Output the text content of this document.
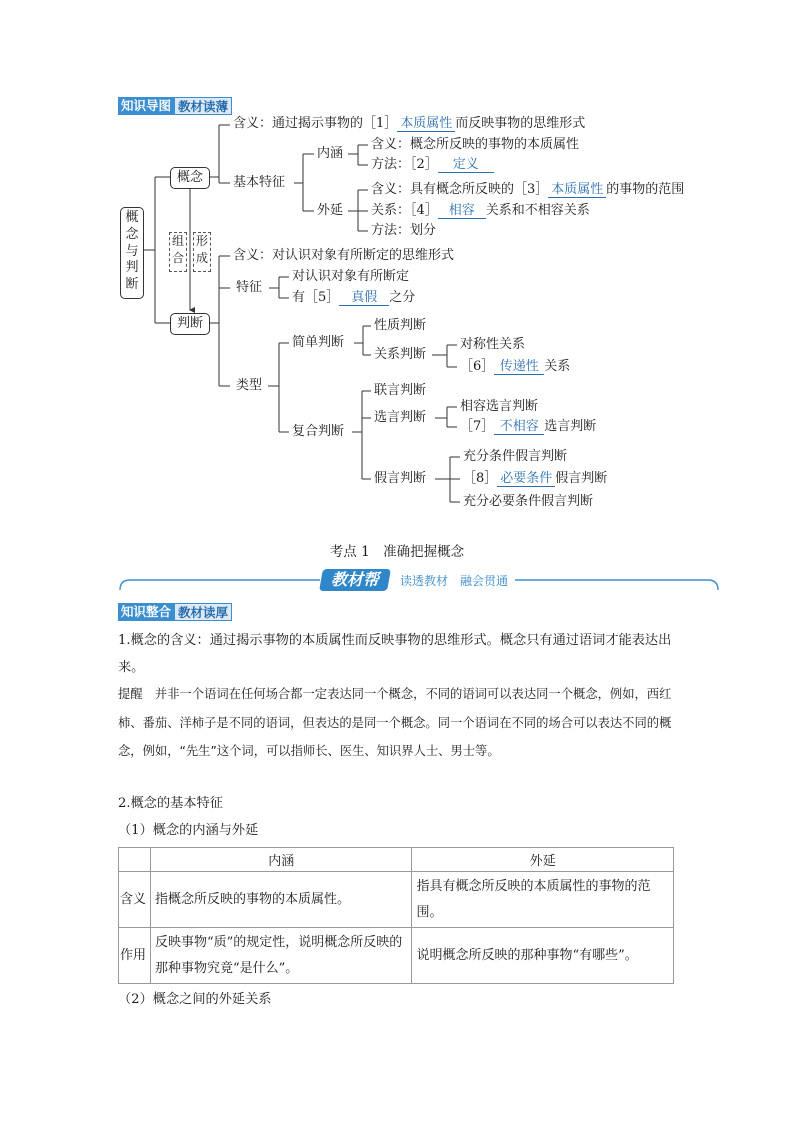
知识导图 教材读薄
概
念
与
判
断
概念
判断
组
合
形
成
含义：通过揭示事物的［1］ 本质属性 而反映事物的思维形式
基本特征
内涵
含义：概念所反映的事物的本质属性
方法：［2］ 定义
外延
含义：具有概念所反映的［3］ 本质属性 的事物的范围
关系：［4］ 相容 关系和不相容关系
方法：划分
含义：对认识对象有所断定的思维形式
特征
对认识对象有所断定
有［5］ 真假 之分
类型
简单判断
性质判断
关系判断
对称性关系
［6］ 传递性 关系
复合判断
联言判断
选言判断
相容选言判断
［7］ 不相容 选言判断
假言判断
充分条件假言判断
［8］ 必要条件 假言判断
充分必要条件假言判断
考点 1　准确把握概念
教材帮	读透教材　 融会贯通
知识整合 教材读厚
1.概念的含义：通过揭示事物的本质属性而反映事物的思维形式。概念只有通过语词才能表达出来。
提醒　并非一个语词在任何场合都一定表达同一个概念，不同的语词可以表达同一个概念，例如，西红柿、番茄、洋柿子是不同的语词，但表达的是同一个概念。同一个语词在不同的场合可以表达不同的概念，例如，“先生”这个词，可以指师长、医生、知识界人士、男士等。
2.概念的基本特征
（1）概念的内涵与外延
	内涵	外延
含义	指概念所反映的事物的本质属性。	指具有概念所反映的本质属性的事物的范围。
作用	反映事物“质”的规定性，说明概念所反映的那种事物究竟“是什么”。	说明概念所反映的那种事物“有哪些”。
（2）概念之间的外延关系
